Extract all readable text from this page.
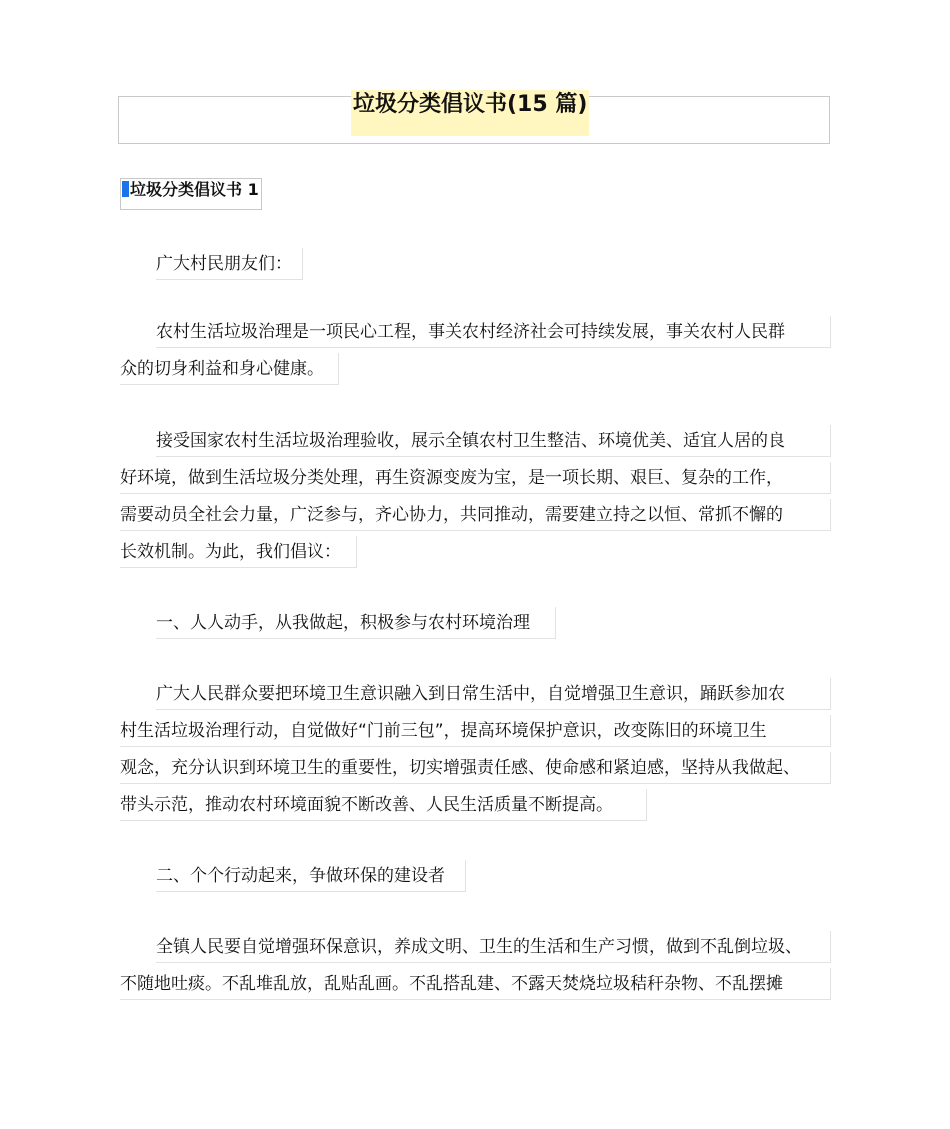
垃圾分类倡议书(15 篇)
垃圾分类倡议书 1
广大村民朋友们：
农村生活垃圾治理是一项民心工程，事关农村经济社会可持续发展，事关农村人民群
众的切身利益和身心健康。
接受国家农村生活垃圾治理验收，展示全镇农村卫生整洁、环境优美、适宜人居的良
好环境，做到生活垃圾分类处理，再生资源变废为宝，是一项长期、艰巨、复杂的工作，
需要动员全社会力量，广泛参与，齐心协力，共同推动，需要建立持之以恒、常抓不懈的
长效机制。为此，我们倡议：
一、人人动手，从我做起，积极参与农村环境治理
广大人民群众要把环境卫生意识融入到日常生活中，自觉增强卫生意识，踊跃参加农
村生活垃圾治理行动，自觉做好“门前三包”，提高环境保护意识，改变陈旧的环境卫生
观念，充分认识到环境卫生的重要性，切实增强责任感、使命感和紧迫感，坚持从我做起、
带头示范，推动农村环境面貌不断改善、人民生活质量不断提高。
二、个个行动起来，争做环保的建设者
全镇人民要自觉增强环保意识，养成文明、卫生的生活和生产习惯，做到不乱倒垃圾、
不随地吐痰。不乱堆乱放，乱贴乱画。不乱搭乱建、不露天焚烧垃圾秸秆杂物、不乱摆摊
